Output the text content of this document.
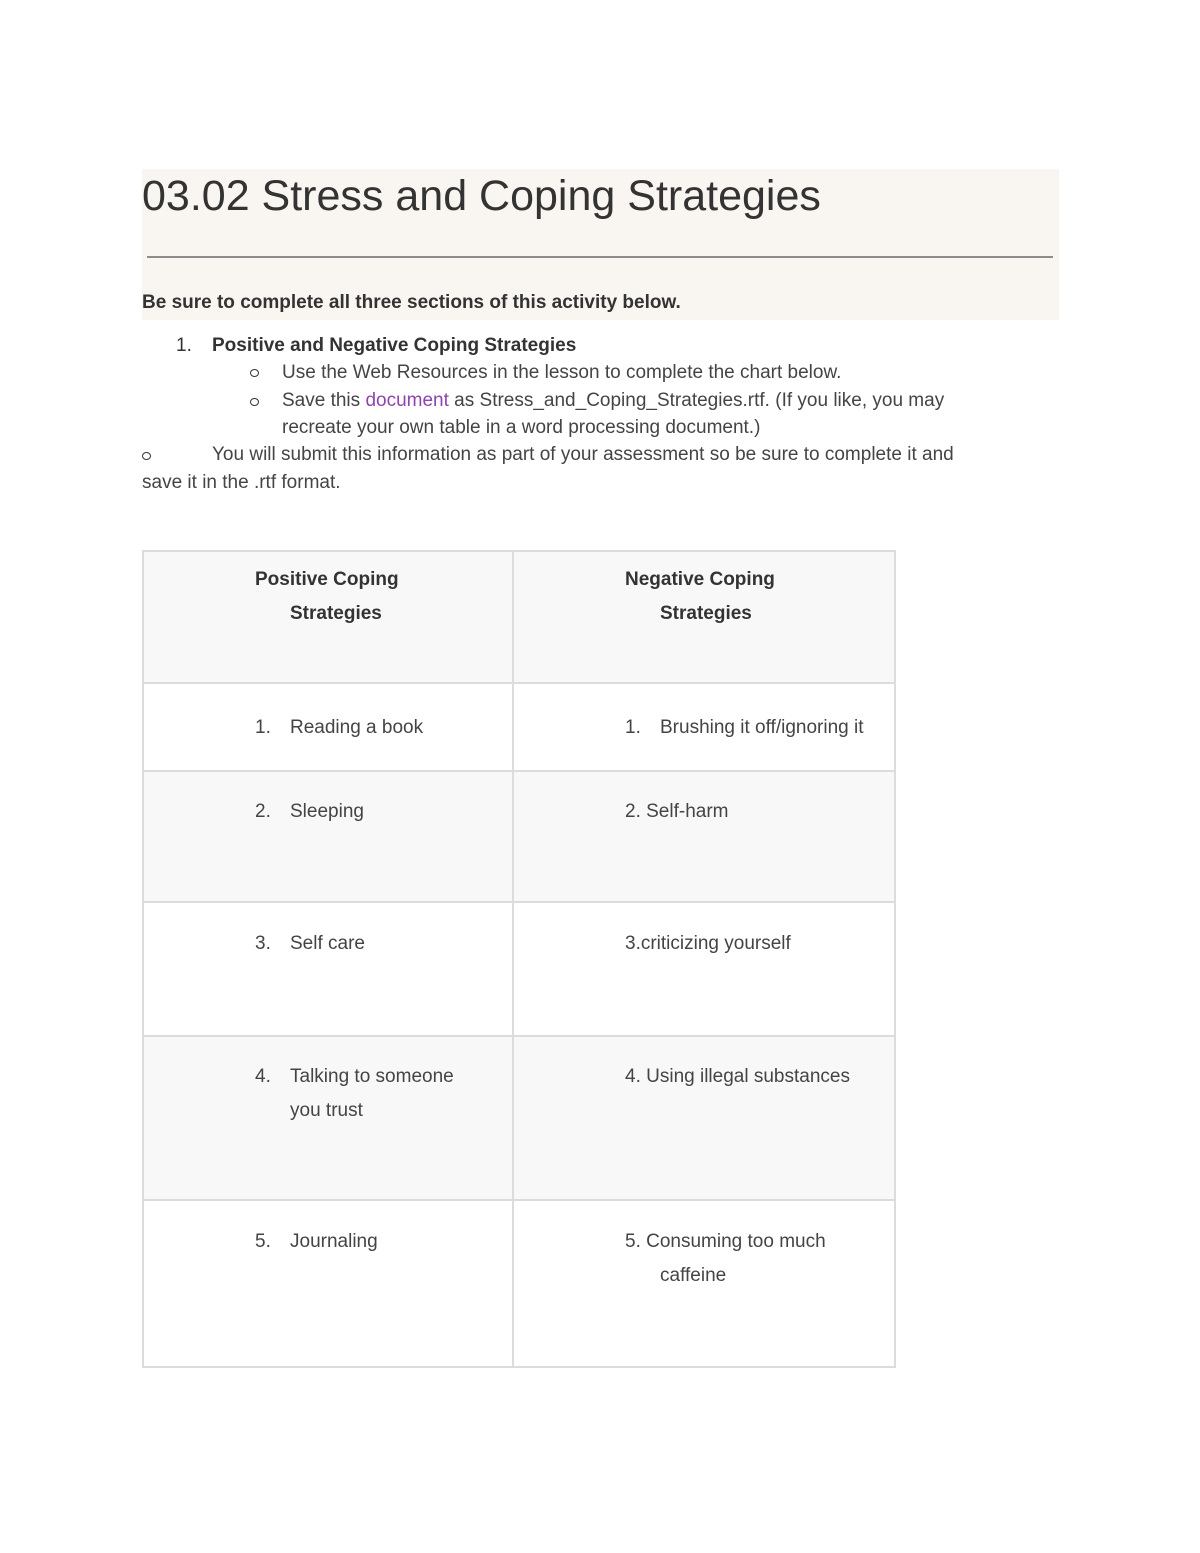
03.02 Stress and Coping Strategies
Be sure to complete all three sections of this activity below.
1. Positive and Negative Coping Strategies
Use the Web Resources in the lesson to complete the chart below.
Save this document as Stress_and_Coping_Strategies.rtf. (If you like, you may
recreate your own table in a word processing document.)
You will submit this information as part of your assessment so be sure to complete it and
save it in the .rtf format.
Positive Coping
Strategies	Negative Coping
Strategies

1. Reading a book	1. Brushing it off/ignoring it

2. Sleeping	2. Self-harm

3. Self care	3.criticizing yourself

4. Talking to someone
you trust	4. Using illegal substances

5. Journaling	5. Consuming too much
caffeine
